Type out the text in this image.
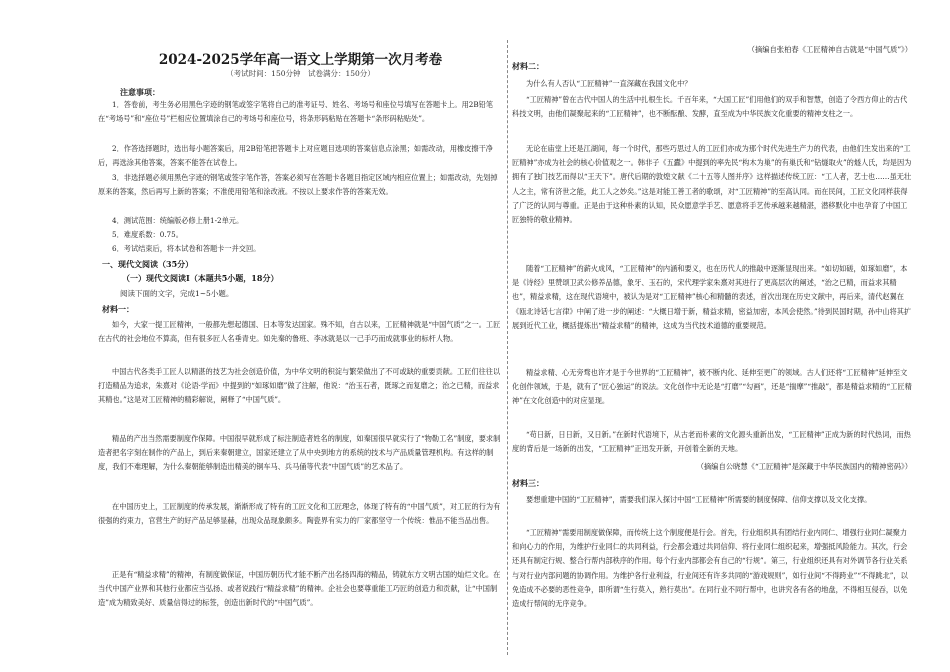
2024-2025学年高一语文上学期第一次月考卷
（考试时间：150分钟　试卷满分：150分）
注意事项：
1．答卷前，考生务必用黑色字迹的钢笔或签字笔将自己的准考证号、姓名、考场号和座位号填写在答题卡上。用2B铅笔在“考场号”和“座位号”栏相应位置填涂自己的考场号和座位号，将条形码粘贴在答题卡“条形码粘贴处”。
2．作答选择题时，选出每小题答案后，用2B铅笔把答题卡上对应题目选项的答案信息点涂黑；如需改动，用橡皮擦干净后，再选涂其他答案，答案不能答在试卷上。
3．非选择题必须用黑色字迹的钢笔或签字笔作答，答案必须写在答题卡各题目指定区域内相应位置上；如需改动，先划掉原来的答案，然后再写上新的答案；不准使用铅笔和涂改液。不按以上要求作答的答案无效。
4．测试范围：统编版必修上册1-2单元。
5．难度系数：0.75。
6．考试结束后，将本试卷和答题卡一并交回。
一、现代文阅读（35分）
（一）现代文阅读Ⅰ（本题共5小题，18分）
阅读下面的文字，完成1~5小题。
材料一：
如今，大家一提工匠精神，一般都先想起德国、日本等发达国家。殊不知，自古以来，工匠精神就是“中国气质”之一。工匠在古代的社会地位不算高，但有很多匠人名垂青史。如先秦的鲁班、李冰就是以一己手巧而成就事业的标杆人物。
中国古代各类手工匠人以精湛的技艺为社会创造价值，为中华文明的积淀与繁荣做出了不可或缺的重要贡献。工匠们往往以打造精品为追求，朱熹对《论语·学而》中提到的“如琢如磨”做了注解，他说：“治玉石者，既琢之而复磨之；治之已精，而益求其精也。”这是对工匠精神的精彩解说，阐释了“中国气质”。
精品的产出当然需要制度作保障。中国很早就形成了标注制造者姓名的制度，如秦国很早就实行了“物勒工名”制度，要求制造者把名字刻在制作的产品上，到后来秦朝建立，国家还建立了从中央到地方的系统的技术与产品质量管理机构。有这样的制度，我们不难理解，为什么秦朝能够制造出精美的铜车马、兵马俑等代表“中国气质”的艺术品了。
在中国历史上，工匠制度的传承发展，渐渐形成了特有的工匠文化和工匠理念，体现了特有的“中国气质”，对工匠的行为有很强的约束力，官营生产的好产品足够显赫，出现众品现象颇多。陶瓷界有实力的厂家都坚守一个传统：惟品不能当品出售。
正是有“精益求精”的精神，有制度做保证，中国历朝历代才能不断产出名扬四海的精品，铸就东方文明古国的灿烂文化。在当代中国产业界和其他行业都应当弘扬、或者说践行“精益求精”的精神。企社会也要尊重能工巧匠的创造力和贡献，让“中国制造”成为精致美好、质量信得过的标签，创造出新时代的“中国气质”。
（摘编自张柏春《工匠精神自古就是“中国气质”》）
材料二：
为什么有人否认“工匠精神”一直深藏在我国文化中？
“工匠精神”曾在古代中国人的生活中扎根生长。千百年来，“大国工匠”们用他们的双手和智慧，创造了令西方仰止的古代科技文明，由他们凝聚起来的“工匠精神”，也不断酝酿、发酵，直至成为中华民族文化重要的精神支柱之一。
无论在庙堂上还是江湖间，每一个时代，那些巧思过人的工匠们亦成为那个时代先进生产力的代表，由他们生发出来的“工匠精神”亦成为社会的核心价值观之一。韩非子《五蠹》中提到的率先民“构木为巢”的有巢氏和“钻燧取火”的燧人氏，均是因为拥有了独门技艺而得以“王天下”。唐代后期的敦煌文献《二十五等人图并序》这样描述传统工匠：“工人者，艺士也……虽无壮人之主，常有济世之能，此工人之妙矣。”这是对能工善工者的歌颂，对“工匠精神”的至高认同。而在民间，工匠文化同样获得了广泛的认同与尊重。正是由于这种朴素的认知，民众愿意学手艺、愿意将手艺传承越来越精湛，潜移默化中也孕育了中国工匠独特的敬业精神。
随着“工匠精神”的薪火成风，“工匠精神”的内涵和要义，也在历代人的推敲中逐渐显现出来。“如切如磋，如琢如磨”，本是《诗经》里赞颂卫武公修养品德，象牙、玉石的，宋代理学家朱熹对其进行了更高层次的阐述，“治之已精，而益求其精也”，精益求精，这在现代语境中，被认为是对“工匠精神”核心和精髓的表述，首次出现在历史文献中，再后来，清代赵翼在《瓯北诗话七言律》中阐了进一步的阐述：“大概日增于新，精益求精，密益加密，本风会使然。”待到民国时期，孙中山将其扩展到近代工业，概括提炼出“精益求精”的精神，这成为当代技术道德的重要规范。
精益求精、心无旁骛也许才是于今世界的“工匠精神”，被不断内化、延伸至更广的领域。古人们还将“工匠精神”延伸至文化创作领域，于是，就有了“匠心独运”的说法。文化创作中无论是“打磨”“勾画”，还是“揣摩”“推敲”，都是精益求精的“工匠精神”在文化创造中的对应显现。
“苟日新，日日新，又日新。”在新时代语境下，从古老而朴素的文化源头重新出发，“工匠精神”正成为新的时代热词，而热度的背后是一场新的出发，“工匠精神”正迅发开新，开创着全新的天地。
（摘编自公晓慧《“工匠精神”是深藏于中华民族国内的精神密码》）
材料三：
要想重建中国的“工匠精神”，需要我们深入探讨中国“工匠精神”所需要的制度保障、信仰支撑以及文化支撑。
“工匠精神”需要用制度做保障，而传统上这个制度便是行会。首先，行业组织具有团结行业内同仁、增强行业同仁凝聚力和向心力的作用，为维护行业同仁的共同利益，行会都会通过共同信仰、将行业同仁组织起来，增强抵风险能力。其次，行会还具有制定行规、整合行帮内部秩序的作用。每个行业内部都会有自己的“行规”。第三，行业组织还具有对外调节各行业关系与对行业内部问题的协调作用。为维护各行业利益，行业间还有许多共同的“游戏规则”，如行业间“不得跨业”“不得跳北”，以免造成不必要的恶性竞争，即所谓“生行莫入，熟行莫出”。在同行业不同行帮中，也讲究各有各的地盘，不得相互侵吞，以免造成行帮间的无序竞争。
